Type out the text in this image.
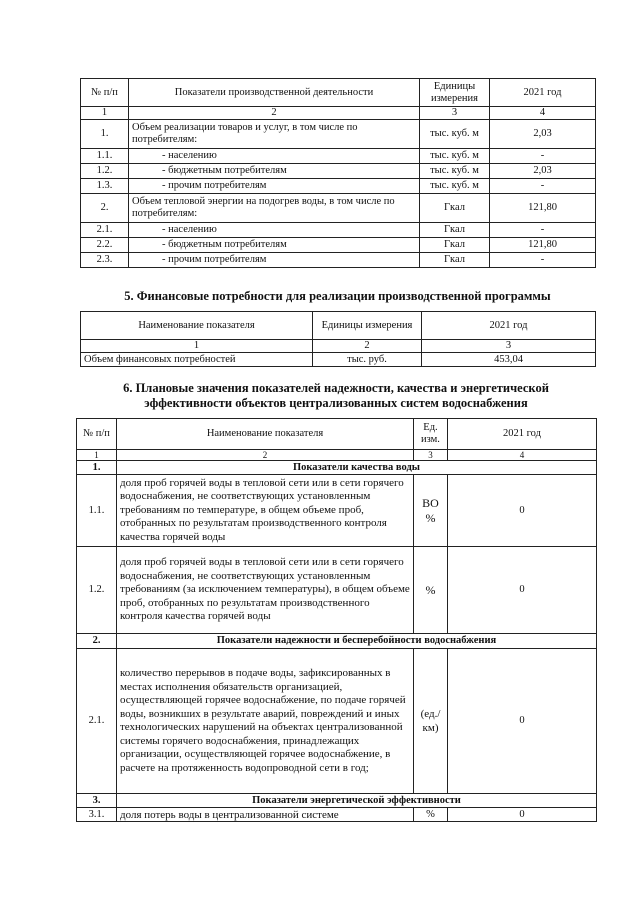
№ п/п	Показатели производственной деятельности	Единицы измерения	2021 год
1	2	3	4
1.	Объем реализации товаров и услуг, в том числе по потребителям:	тыс. куб. м	2,03
1.1.	- населению	тыс. куб. м	-
1.2.	- бюджетным потребителям	тыс. куб. м	2,03
1.3.	- прочим потребителям	тыс. куб. м	-
2.	Объем тепловой энергии на подогрев воды, в том числе по потребителям:	Гкал	121,80
2.1.	- населению	Гкал	-
2.2.	- бюджетным потребителям	Гкал	121,80
2.3.	- прочим потребителям	Гкал	-
5. Финансовые потребности для реализации производственной программы
Наименование показателя	Единицы измерения	2021 год
1	2	3
Объем финансовых потребностей	тыс. руб.	453,04
6. Плановые значения показателей надежности, качества и энергетической
эффективности объектов централизованных систем водоснабжения
№ п/п	Наименование показателя	Ед. изм.	2021 год
1	2	3	4
1.	Показатели качества воды		
1.1.	доля проб горячей воды в тепловой сети или в сети горячего водоснабжения, не соответствующих установленным требованиям по температуре, в общем объеме проб, отобранных по результатам производственного контроля качества горячей воды	ВО %	0
1.2.	доля проб горячей воды в тепловой сети или в сети горячего водоснабжения, не соответствующих установленным требованиям (за исключением температуры), в общем объеме проб, отобранных по результатам производственного контроля качества горячей воды	%	0
2.	Показатели надежности и бесперебойности водоснабжения		
2.1.	количество перерывов в подаче воды, зафиксированных в местах исполнения обязательств организацией, осуществляющей горячее водоснабжение, по подаче горячей воды, возникших в результате аварий, повреждений и иных технологических нарушений на объектах централизованной системы горячего водоснабжения, принадлежащих организации, осуществляющей горячее водоснабжение, в расчете на протяженность водопроводной сети в год;	(ед./км)	0
3.	Показатели энергетической эффективности		
3.1.	доля потерь воды в централизованной системе	%	0
